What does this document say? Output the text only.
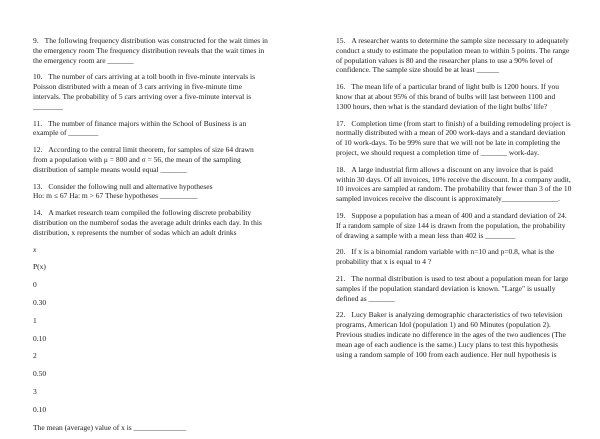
9. The following frequency distribution was constructed for the wait times in the emergency room The frequency distribution reveals that the wait times in the emergency room are _______

10. The number of cars arriving at a toll booth in five-minute intervals is Poisson distributed with a mean of 3 cars arriving in five-minute time intervals. The probability of 5 cars arriving over a five-minute interval is ________

11. The number of finance majors within the School of Business is an example of ________

12. According to the central limit theorem, for samples of size 64 drawn from a population with μ = 800 and σ = 56, the mean of the sampling distribution of sample means would equal _______

13. Consider the following null and alternative hypotheses
Ho: m ≤ 67 Ha: m > 67 These hypotheses __________

14. A market research team compiled the following discrete probability distribution on the numberof sodas the average adult drinks each day. In this distribution, x represents the number of sodas which an adult drinks

x

P(x)

0

0.30

1

0.10

2

0.50

3

0.10

The mean (average) value of x is ______________

15. A researcher wants to determine the sample size necessary to adequately conduct a study to estimate the population mean to within 5 points. The range of population values is 80 and the researcher plans to use a 90% level of confidence. The sample size should be at least ______

16. The mean life of a particular brand of light bulb is 1200 hours. If you know that at about 95% of this brand of bulbs will last between 1100 and 1300 hours, then what is the standard deviation of the light bulbs' life?

17. Completion time (from start to finish) of a building remodeling project is normally distributed with a mean of 200 work-days and a standard deviation of 10 work-days. To be 99% sure that we will not be late in completing the project, we should request a completion time of _______ work-day.

18. A large industrial firm allows a discount on any invoice that is paid within 30 days. Of all invoices, 10% receive the discount. In a company audit, 10 invoices are sampled at random. The probability that fewer than 3 of the 10 sampled invoices receive the discount is approximately_______________.

19. Suppose a population has a mean of 400 and a standard deviation of 24. If a random sample of size 144 is drawn from the population, the probability of drawing a sample with a mean less than 402 is ________

20. If x is a binomial random variable with n=10 and p=0.8, what is the probability that x is equal to 4 ?

21. The normal distribution is used to test about a population mean for large samples if the population standard deviation is known. "Large" is usually defined as _______

22. Lucy Baker is analyzing demographic characteristics of two television programs, American Idol (population 1) and 60 Minutes (population 2). Previous studies indicate no difference in the ages of the two audiences (The mean age of each audience is the same.) Lucy plans to test this hypothesis using a random sample of 100 from each audience. Her null hypothesis is
